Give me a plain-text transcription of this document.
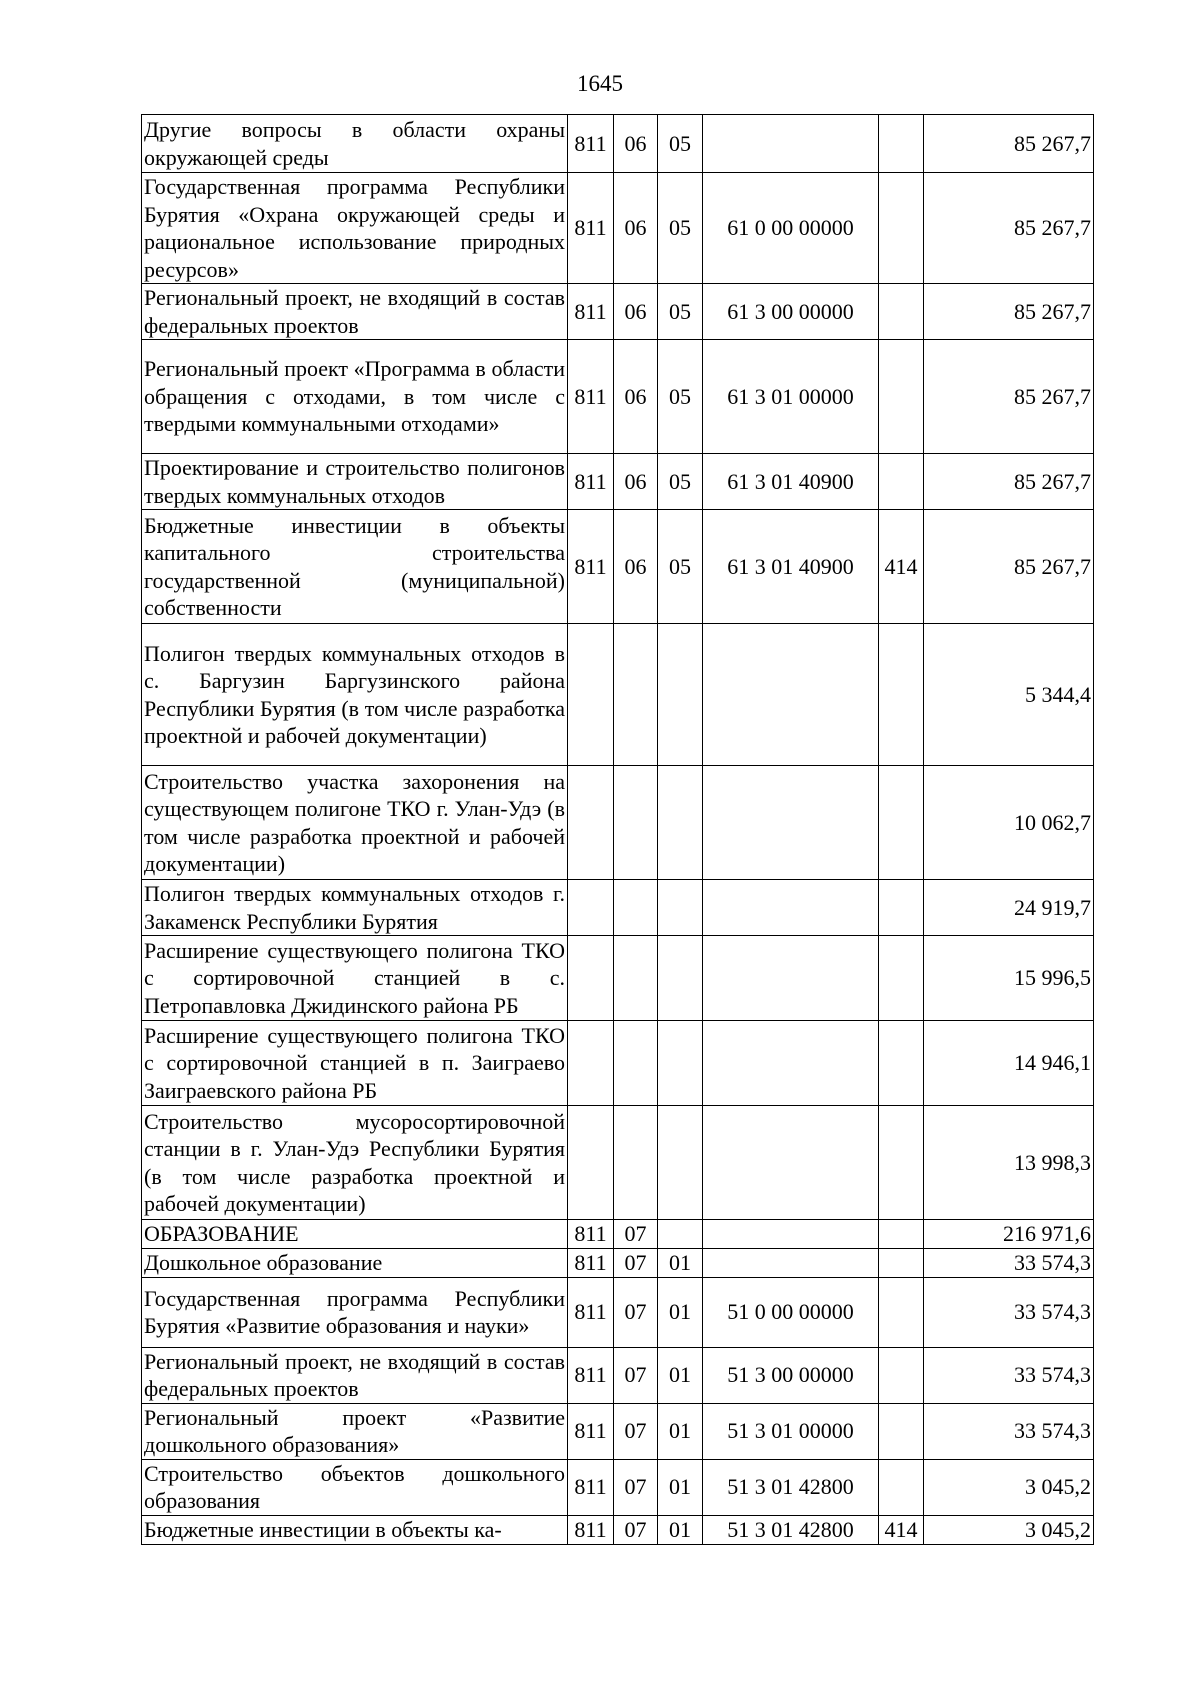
1645
Другие вопросы в области охраны окружающей среды	811	06	05			85 267,7
Государственная программа Республики Бурятия «Охрана окружающей среды и рациональное использование природных ресурсов»	811	06	05	61 0 00 00000		85 267,7
Региональный проект, не входящий в состав федеральных проектов	811	06	05	61 3 00 00000		85 267,7
Региональный проект «Программа в области обращения с отходами, в том числе с твердыми коммунальными отходами»	811	06	05	61 3 01 00000		85 267,7
Проектирование и строительство полигонов твердых коммунальных отходов	811	06	05	61 3 01 40900		85 267,7
Бюджетные инвестиции в объекты капитального строительства государственной (муниципальной) собственности	811	06	05	61 3 01 40900	414	85 267,7
Полигон твердых коммунальных отходов в с. Баргузин Баргузинского района Республики Бурятия (в том числе разработка проектной и рабочей документации)						5 344,4
Строительство участка захоронения на существующем полигоне ТКО г. Улан-Удэ (в том числе разработка проектной и рабочей документации)						10 062,7
Полигон твердых коммунальных отходов г. Закаменск Республики Бурятия						24 919,7
Расширение существующего полигона ТКО с сортировочной станцией в с. Петропавловка Джидинского района РБ						15 996,5
Расширение существующего полигона ТКО с сортировочной станцией в п. Заиграево Заиграевского района РБ						14 946,1
Строительство мусоросортировочной станции в г. Улан-Удэ Республики Бурятия (в том числе разработка проектной и рабочей документации)						13 998,3
ОБРАЗОВАНИЕ	811	07				216 971,6
Дошкольное образование	811	07	01			33 574,3
Государственная программа Республики Бурятия «Развитие образования и науки»	811	07	01	51 0 00 00000		33 574,3
Региональный проект, не входящий в состав федеральных проектов	811	07	01	51 3 00 00000		33 574,3
Региональный проект «Развитие дошкольного образования»	811	07	01	51 3 01 00000		33 574,3
Строительство объектов дошкольного образования	811	07	01	51 3 01 42800		3 045,2
Бюджетные инвестиции в объекты ка-	811	07	01	51 3 01 42800	414	3 045,2
